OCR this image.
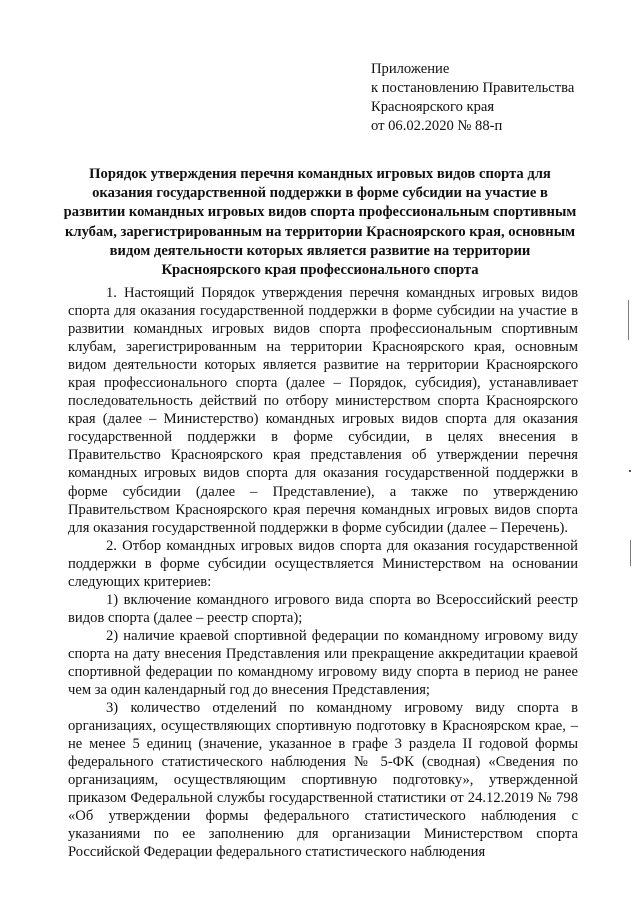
Приложение
к постановлению Правительства
Красноярского края
от 06.02.2020 № 88-п
Порядок утверждения перечня командных игровых видов спорта для оказания государственной поддержки в форме субсидии на участие в развитии командных игровых видов спорта профессиональным спортивным клубам, зарегистрированным на территории Красноярского края, основным видом деятельности которых является развитие на территории Красноярского края профессионального спорта

1. Настоящий Порядок утверждения перечня командных игровых видов спорта для оказания государственной поддержки в форме субсидии на участие в развитии командных игровых видов спорта профессиональным спортивным клубам, зарегистрированным на территории Красноярского края, основным видом деятельности которых является развитие на территории Красноярского края профессионального спорта (далее – Порядок, субсидия), устанавливает последовательность действий по отбору министерством спорта Красноярского края (далее – Министерство) командных игровых видов спорта для оказания государственной поддержки в форме субсидии, в целях внесения в Правительство Красноярского края представления об утверждении перечня командных игровых видов спорта для оказания государственной поддержки в форме субсидии (далее – Представление), а также по утверждению Правительством Красноярского края перечня командных игровых видов спорта для оказания государственной поддержки в форме субсидии (далее – Перечень).

2. Отбор командных игровых видов спорта для оказания государственной поддержки в форме субсидии осуществляется Министерством на основании следующих критериев:

1) включение командного игрового вида спорта во Всероссийский реестр видов спорта (далее – реестр спорта);

2) наличие краевой спортивной федерации по командному игровому виду спорта на дату внесения Представления или прекращение аккредитации краевой спортивной федерации по командному игровому виду спорта в период не ранее чем за один календарный год до внесения Представления;

3) количество отделений по командному игровому виду спорта в организациях, осуществляющих спортивную подготовку в Красноярском крае, – не менее 5 единиц (значение, указанное в графе 3 раздела II годовой формы федерального статистического наблюдения № 5-ФК (сводная) «Сведения по организациям, осуществляющим спортивную подготовку», утвержденной приказом Федеральной службы государственной статистики от 24.12.2019 № 798 «Об утверждении формы федерального статистического наблюдения с указаниями по ее заполнению для организации Министерством спорта Российской Федерации федерального статистического наблюдения
